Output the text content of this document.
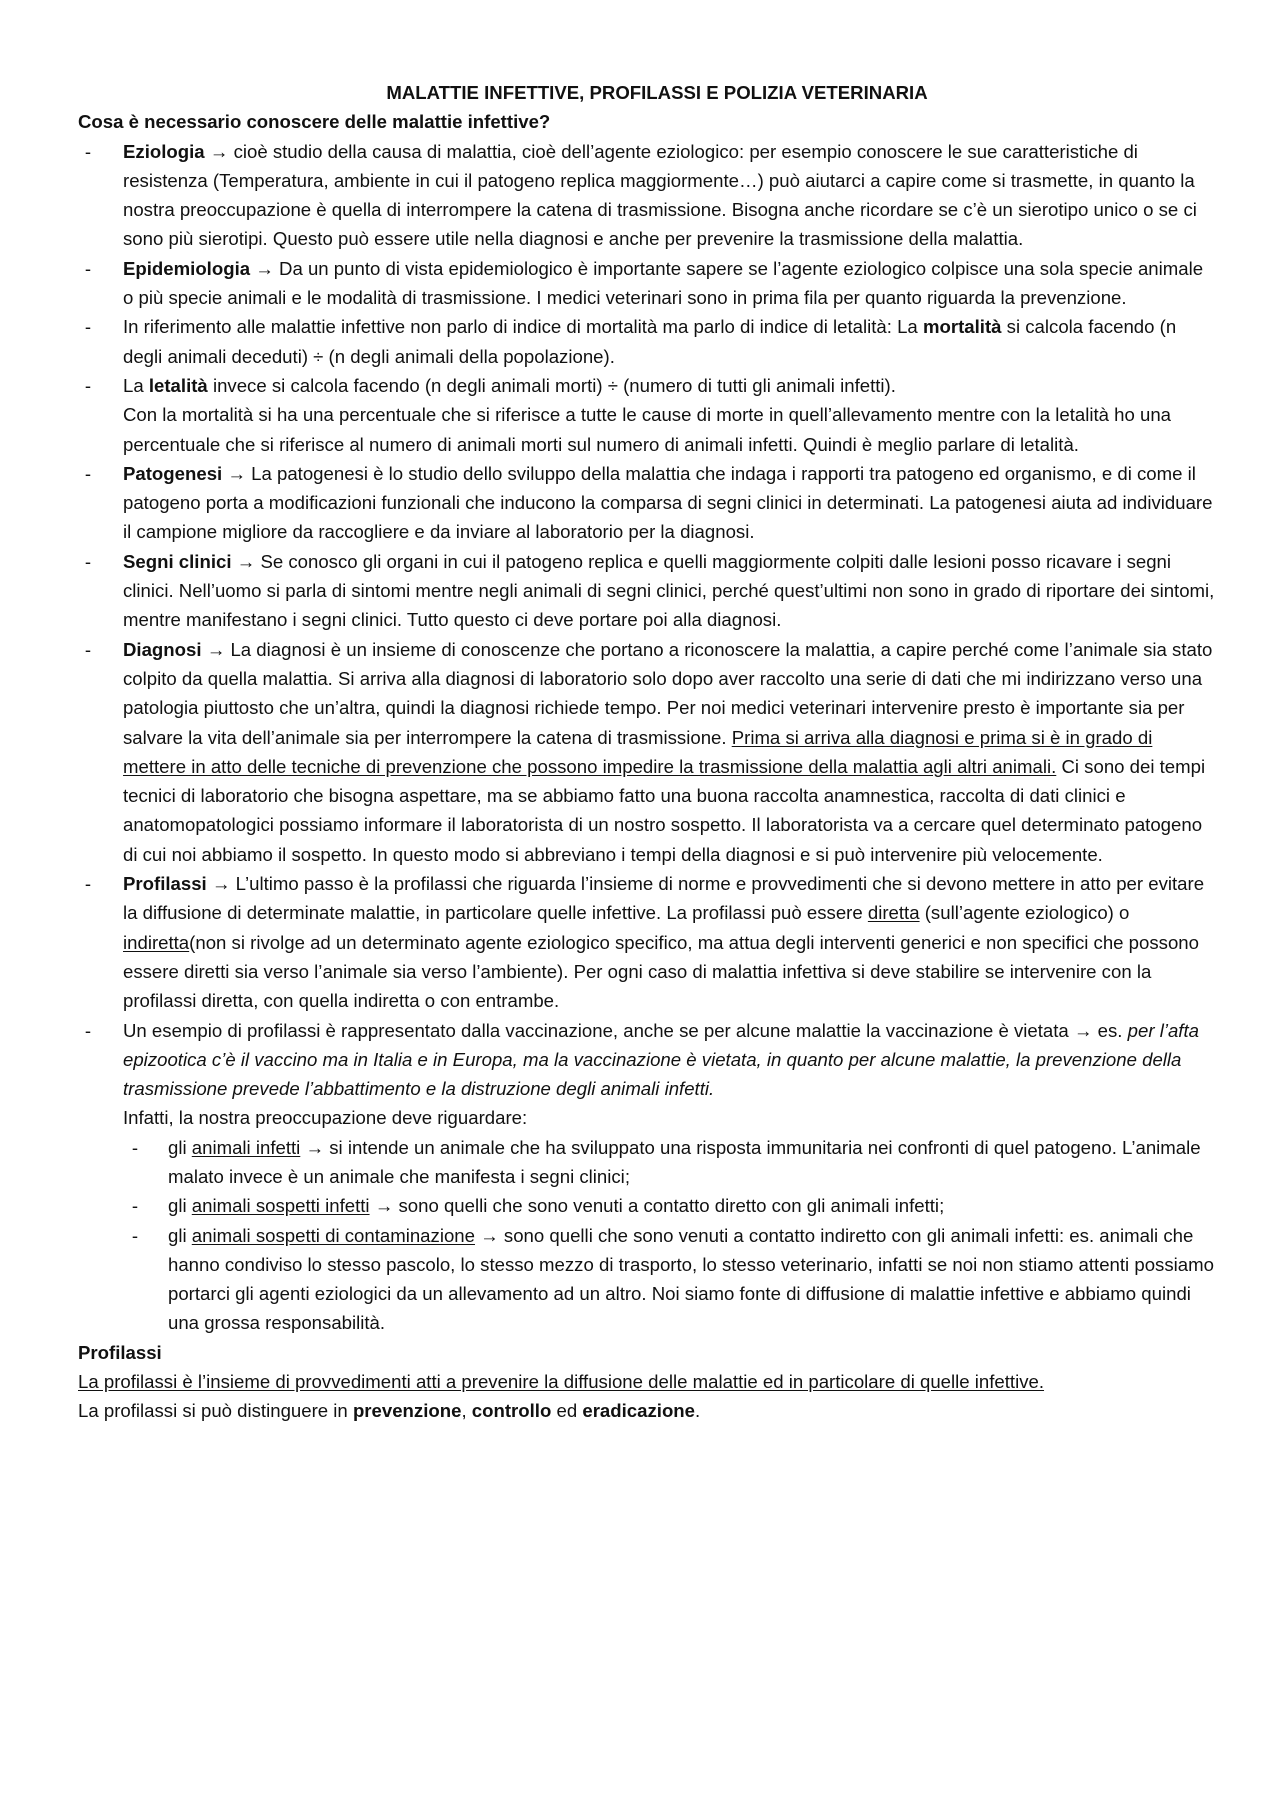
MALATTIE INFETTIVE, PROFILASSI E POLIZIA VETERINARIA

Cosa è necessario conoscere delle malattie infettive?

-	Eziologia → cioè studio della causa di malattia, cioè dell’agente eziologico: per esempio conoscere le sue caratteristiche di resistenza (Temperatura, ambiente in cui il patogeno replica maggiormente…) può aiutarci a capire come si trasmette, in quanto la nostra preoccupazione è quella di interrompere la catena di trasmissione. Bisogna anche ricordare se c’è un sierotipo unico o se ci sono più sierotipi. Questo può essere utile nella diagnosi e anche per prevenire la trasmissione della malattia.
-	Epidemiologia → Da un punto di vista epidemiologico è importante sapere se l’agente eziologico colpisce una sola specie animale o più specie animali e le modalità di trasmissione. I medici veterinari sono in prima fila per quanto riguarda la prevenzione.
-	In riferimento alle malattie infettive non parlo di indice di mortalità ma parlo di indice di letalità: La mortalità si calcola facendo (n degli animali deceduti) ÷ (n degli animali della popolazione).
-	La letalità invece si calcola facendo (n degli animali morti) ÷ (numero di tutti gli animali infetti).
Con la mortalità si ha una percentuale che si riferisce a tutte le cause di morte in quell’allevamento mentre con la letalità ho una percentuale che si riferisce al numero di animali morti sul numero di animali infetti. Quindi è meglio parlare di letalità.
-	Patogenesi → La patogenesi è lo studio dello sviluppo della malattia che indaga i rapporti tra patogeno ed organismo, e di come il patogeno porta a modificazioni funzionali che inducono la comparsa di segni clinici in determinati. La patogenesi aiuta ad individuare il campione migliore da raccogliere e da inviare al laboratorio per la diagnosi.
-	Segni clinici → Se conosco gli organi in cui il patogeno replica e quelli maggiormente colpiti dalle lesioni posso ricavare i segni clinici. Nell’uomo si parla di sintomi mentre negli animali di segni clinici, perché quest’ultimi non sono in grado di riportare dei sintomi, mentre manifestano i segni clinici. Tutto questo ci deve portare poi alla diagnosi.
-	Diagnosi → La diagnosi è un insieme di conoscenze che portano a riconoscere la malattia, a capire perché come l’animale sia stato colpito da quella malattia. Si arriva alla diagnosi di laboratorio solo dopo aver raccolto una serie di dati che mi indirizzano verso una patologia piuttosto che un’altra, quindi la diagnosi richiede tempo. Per noi medici veterinari intervenire presto è importante sia per salvare la vita dell’animale sia per interrompere la catena di trasmissione. Prima si arriva alla diagnosi e prima si è in grado di mettere in atto delle tecniche di prevenzione che possono impedire la trasmissione della malattia agli altri animali. Ci sono dei tempi tecnici di laboratorio che bisogna aspettare, ma se abbiamo fatto una buona raccolta anamnestica, raccolta di dati clinici e anatomopatologici possiamo informare il laboratorista di un nostro sospetto. Il laboratorista va a cercare quel determinato patogeno di cui noi abbiamo il sospetto. In questo modo si abbreviano i tempi della diagnosi e si può intervenire più velocemente.
-	Profilassi → L’ultimo passo è la profilassi che riguarda l’insieme di norme e provvedimenti che si devono mettere in atto per evitare la diffusione di determinate malattie, in particolare quelle infettive. La profilassi può essere diretta (sull’agente eziologico) o indiretta(non si rivolge ad un determinato agente eziologico specifico, ma attua degli interventi generici e non specifici che possono essere diretti sia verso l’animale sia verso l’ambiente). Per ogni caso di malattia infettiva si deve stabilire se intervenire con la profilassi diretta, con quella indiretta o con entrambe.
-	Un esempio di profilassi è rappresentato dalla vaccinazione, anche se per alcune malattie la vaccinazione è vietata → es. per l’afta epizootica c’è il vaccino ma in Italia e in Europa, ma la vaccinazione è vietata, in quanto per alcune malattie, la prevenzione della trasmissione prevede l’abbattimento e la distruzione degli animali infetti.
Infatti, la nostra preoccupazione deve riguardare:
-	gli animali infetti → si intende un animale che ha sviluppato una risposta immunitaria nei confronti di quel patogeno. L’animale malato invece è un animale che manifesta i segni clinici;
-	gli animali sospetti infetti → sono quelli che sono venuti a contatto diretto con gli animali infetti;
-	gli animali sospetti di contaminazione → sono quelli che sono venuti a contatto indiretto con gli animali infetti: es. animali che hanno condiviso lo stesso pascolo, lo stesso mezzo di trasporto, lo stesso veterinario, infatti se noi non stiamo attenti possiamo portarci gli agenti eziologici da un allevamento ad un altro. Noi siamo fonte di diffusione di malattie infettive e abbiamo quindi una grossa responsabilità.

Profilassi

La profilassi è l’insieme di provvedimenti atti a prevenire la diffusione delle malattie ed in particolare di quelle infettive.

La profilassi si può distinguere in prevenzione, controllo ed eradicazione.
